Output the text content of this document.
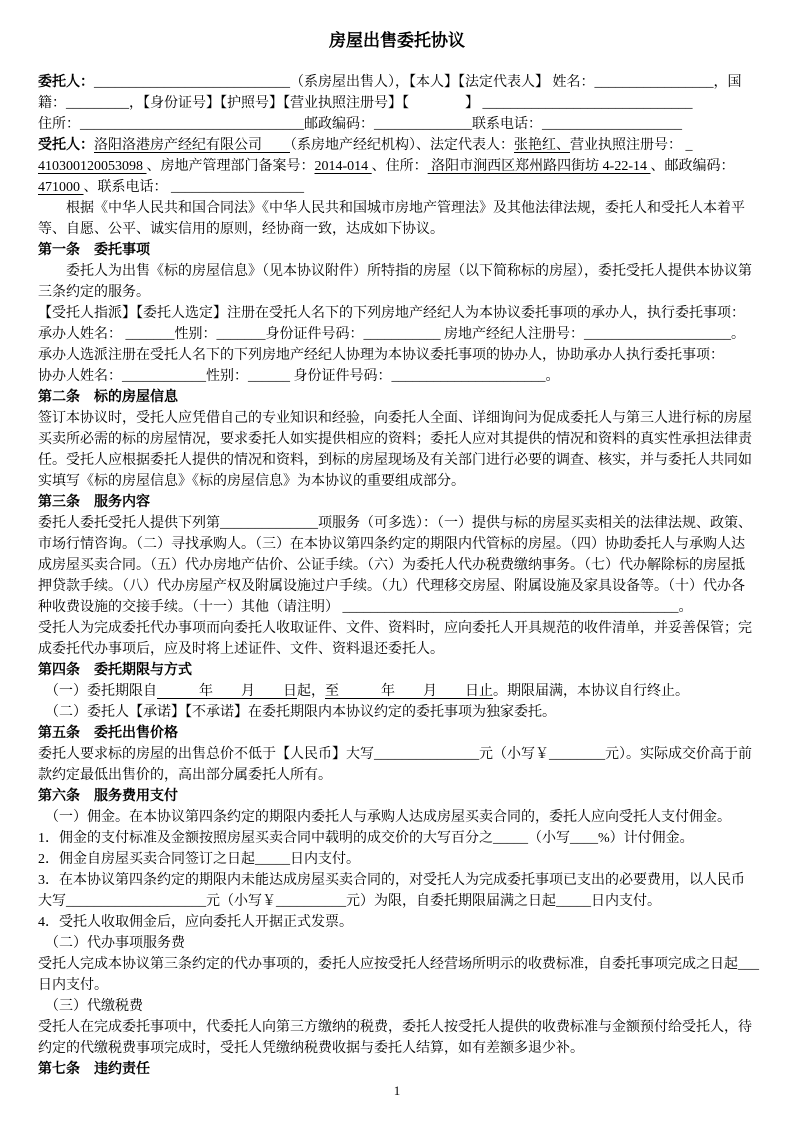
房屋出售委托协议
委托人：____________________________（系房屋出售人），【本人】【法定代表人】 姓名：_________________，国
籍：_________，【身份证号】【护照号】【营业执照注册号】【　　　　】 ______________________________
住所：________________________________邮政编码：______________联系电话：____________________
受托人：洛阳洛港房产经纪有限公司　　（系房地产经纪机构）、法定代表人：张艳红、营业执照注册号： _
410300120053098 、房地产管理部门备案号：2014-014 、住所： 洛阳市涧西区郑州路四街坊 4-22-14 、邮政编码：
471000 、联系电话： ___________________
根据《中华人民共和国合同法》《中华人民共和国城市房地产管理法》及其他法律法规，委托人和受托人本着平
等、自愿、公平、诚实信用的原则，经协商一致，达成如下协议。
第一条　委托事项
委托人为出售《标的房屋信息》（见本协议附件）所特指的房屋（以下简称标的房屋），委托受托人提供本协议第
三条约定的服务。
【受托人指派】【委托人选定】注册在受托人名下的下列房地产经纪人为本协议委托事项的承办人，执行委托事项：
承办人姓名： _______性别：_______身份证件号码：___________ 房地产经纪人注册号：_____________________。
承办人选派注册在受托人名下的下列房地产经纪人协理为本协议委托事项的协办人，协助承办人执行委托事项：
协办人姓名：____________性别：______ 身份证件号码：______________________。
第二条　标的房屋信息
签订本协议时，受托人应凭借自己的专业知识和经验，向委托人全面、详细询问为促成委托人与第三人进行标的房屋
买卖所必需的标的房屋情况，要求委托人如实提供相应的资料；委托人应对其提供的情况和资料的真实性承担法律责
任。受托人应根据委托人提供的情况和资料，到标的房屋现场及有关部门进行必要的调查、核实，并与委托人共同如
实填写《标的房屋信息》《标的房屋信息》为本协议的重要组成部分。
第三条　服务内容
委托人委托受托人提供下列第______________项服务（可多选）：（一）提供与标的房屋买卖相关的法律法规、政策、
市场行情咨询。（二）寻找承购人。（三）在本协议第四条约定的期限内代管标的房屋。（四）协助委托人与承购人达
成房屋买卖合同。（五）代办房地产估价、公证手续。（六）为委托人代办税费缴纳事务。（七）代办解除标的房屋抵
押贷款手续。（八）代办房屋产权及附属设施过户手续。（九）代理移交房屋、附属设施及家具设备等。（十）代办各
种收费设施的交接手续。（十一）其他（请注明） ________________________________________________。
受托人为完成委托代办事项而向委托人收取证件、文件、资料时，应向委托人开具规范的收件清单，并妥善保管；完
成委托代办事项后，应及时将上述证件、文件、资料退还委托人。
第四条　委托期限与方式
（一）委托期限自　　　年　　月　　日起，至　　　年　　月　　日止。期限届满，本协议自行终止。
（二）委托人【承诺】【不承诺】在委托期限内本协议约定的委托事项为独家委托。
第五条　委托出售价格
委托人要求标的房屋的出售总价不低于【人民币】大写_______________元（小写￥________元）。实际成交价高于前
款约定最低出售价的，高出部分属委托人所有。
第六条　服务费用支付
（一）佣金。在本协议第四条约定的期限内委托人与承购人达成房屋买卖合同的，委托人应向受托人支付佣金。
1．佣金的支付标准及金额按照房屋买卖合同中载明的成交价的大写百分之_____（小写____%）计付佣金。
2．佣金自房屋买卖合同签订之日起_____日内支付。
3．在本协议第四条约定的期限内未能达成房屋买卖合同的，对受托人为完成委托事项已支出的必要费用，以人民币
大写____________________元（小写￥__________元）为限，自委托期限届满之日起_____日内支付。
4．受托人收取佣金后，应向委托人开据正式发票。
（二）代办事项服务费
受托人完成本协议第三条约定的代办事项的，委托人应按受托人经营场所明示的收费标准，自委托事项完成之日起___
日内支付。
（三）代缴税费
受托人在完成委托事项中，代委托人向第三方缴纳的税费，委托人按受托人提供的收费标准与金额预付给受托人，待
约定的代缴税费事项完成时，受托人凭缴纳税费收据与委托人结算，如有差额多退少补。
第七条　违约责任
1
